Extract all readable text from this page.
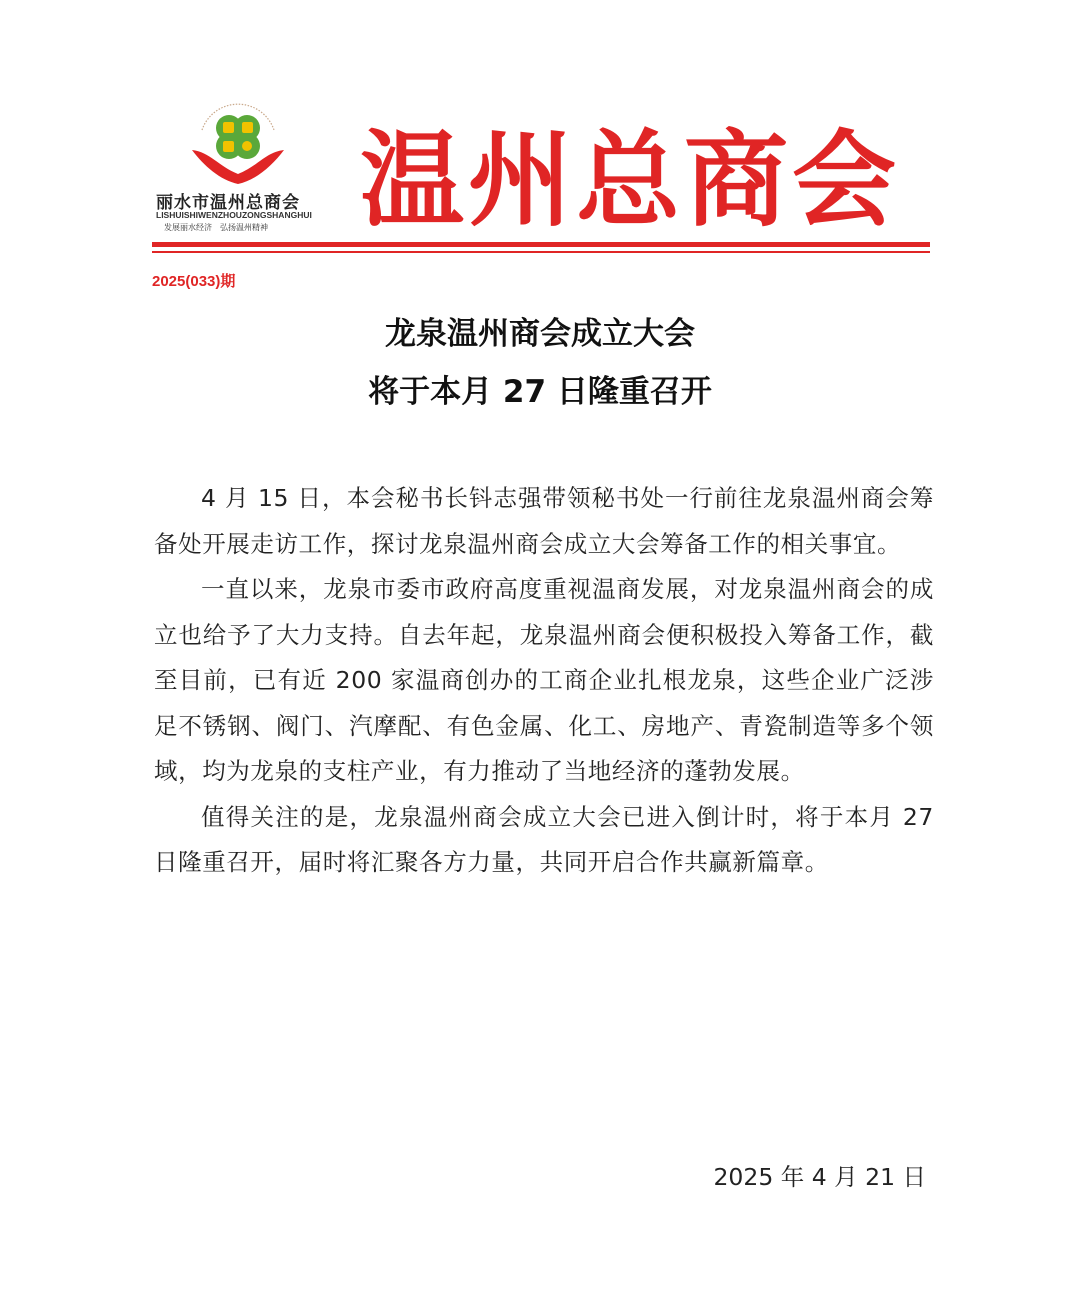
丽水市温州总商会
LISHUISHIWENZHOUZONGSHANGHUI
发展丽水经济　弘扬温州精神 温州总商会
2025(033)期
龙泉温州商会成立大会
将于本月 27 日隆重召开

4 月 15 日，本会秘书长钭志强带领秘书处一行前往龙泉温州商会筹备处开展走访工作，探讨龙泉温州商会成立大会筹备工作的相关事宜。

一直以来，龙泉市委市政府高度重视温商发展，对龙泉温州商会的成立也给予了大力支持。自去年起，龙泉温州商会便积极投入筹备工作，截至目前，已有近 200 家温商创办的工商企业扎根龙泉，这些企业广泛涉足不锈钢、阀门、汽摩配、有色金属、化工、房地产、青瓷制造等多个领域，均为龙泉的支柱产业，有力推动了当地经济的蓬勃发展。

值得关注的是，龙泉温州商会成立大会已进入倒计时，将于本月 27 日隆重召开，届时将汇聚各方力量，共同开启合作共赢新篇章。

2025 年 4 月 21 日
